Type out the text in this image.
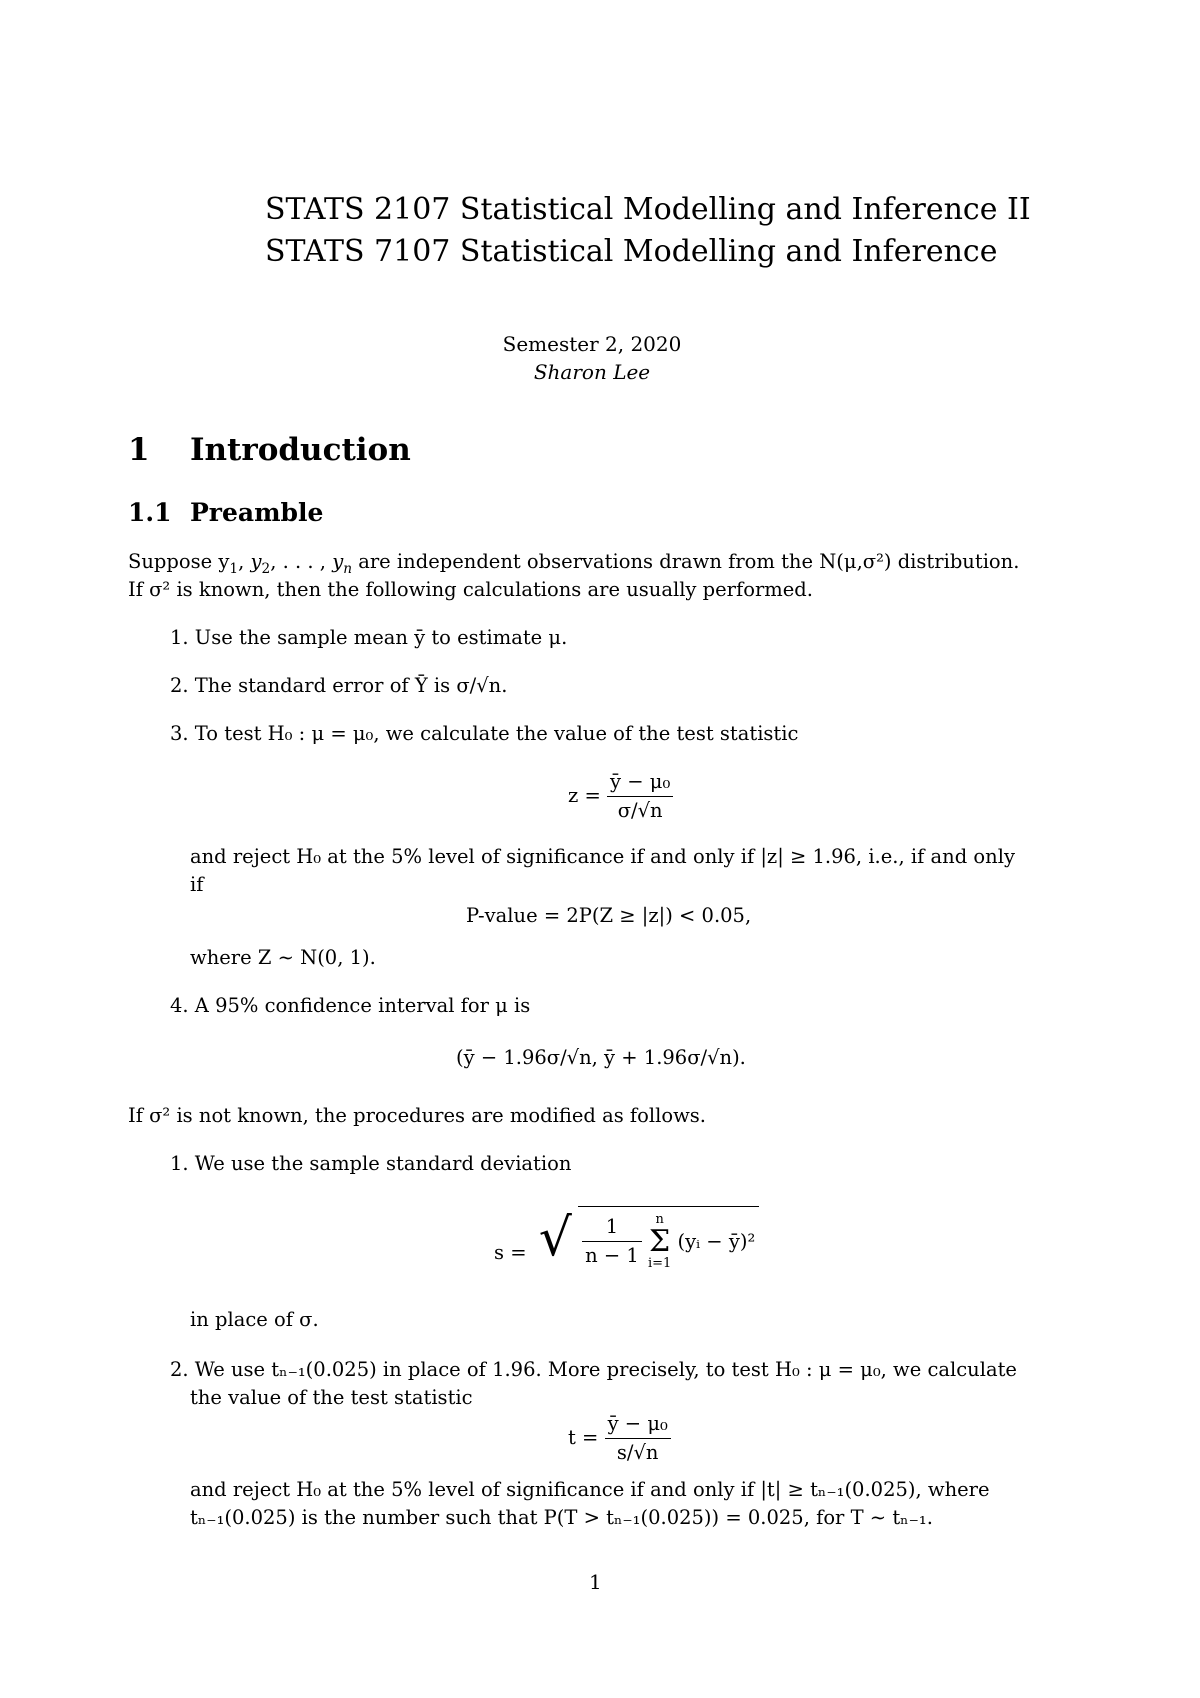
STATS 2107 Statistical Modelling and Inference II
STATS 7107 Statistical Modelling and Inference
Semester 2, 2020
Sharon Lee
1 Introduction
1.1 Preamble
Suppose $y_1$, $y_2$, . . . , $y_n$ are independent observations drawn from the N(μ,σ²) distribution.
If σ² is known, then the following calculations are usually performed.
1. Use the sample mean ȳ to estimate μ.
2. The standard error of Ȳ is σ/√n.
3. To test H₀ : μ = μ₀, we calculate the value of the test statistic
$z = \frac{\text{ȳ − μ₀}}{\sigma/√n}$
and reject H₀ at the 5% level of significance if and only if |z| ≥ 1.96, i.e., if and only
if
P-value = 2P(Z ≥ |z|) < 0.05,
where Z ∼ N(0, 1).
4. A 95% confidence interval for μ is
(ȳ − 1.96σ/√n, ȳ + 1.96σ/√n).
If σ² is not known, the procedures are modified as follows.
1. We use the sample standard deviation
s = √ $\frac{1}{n - 1}$
	n
Σ
i=1
(yᵢ − ȳ)²
in place of σ.
2. We use tₙ₋₁(0.025) in place of 1.96. More precisely, to test H₀ : μ = μ₀, we calculate
the value of the test statistic
$t = \frac{\text{ȳ − μ₀}}{s/√n}$
and reject H₀ at the 5% level of significance if and only if |t| ≥ tₙ₋₁(0.025), where
tₙ₋₁(0.025) is the number such that P(T > tₙ₋₁(0.025)) = 0.025, for T ∼ tₙ₋₁.
1
